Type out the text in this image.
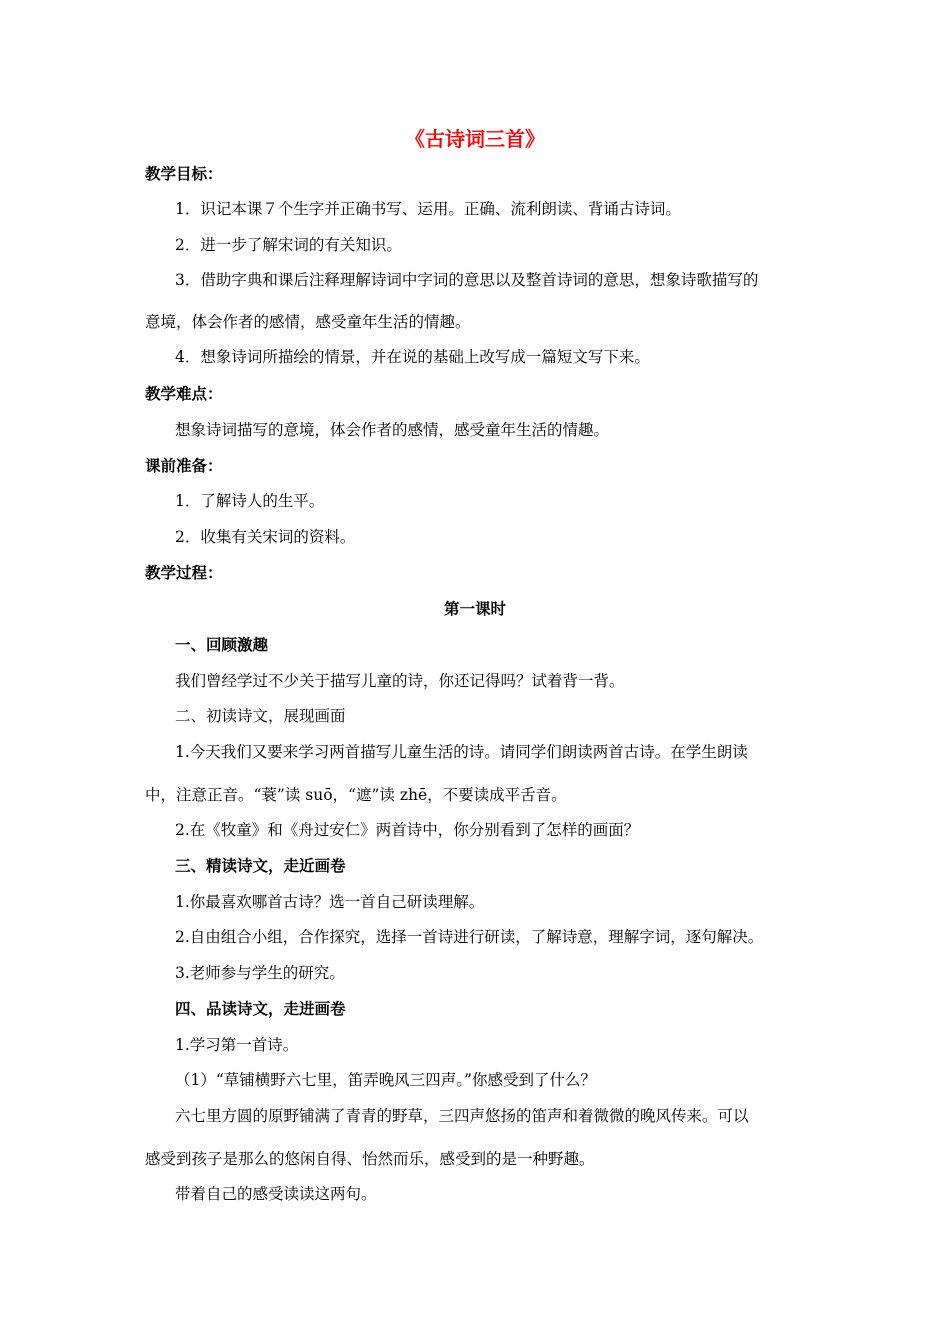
《古诗词三首》
教学目标：
1．识记本课７个生字并正确书写、运用。正确、流利朗读、背诵古诗词。
2．进一步了解宋词的有关知识。
3．借助字典和课后注释理解诗词中字词的意思以及整首诗词的意思，想象诗歌描写的
意境，体会作者的感情，感受童年生活的情趣。
4．想象诗词所描绘的情景，并在说的基础上改写成一篇短文写下来。
教学难点：
想象诗词描写的意境，体会作者的感情，感受童年生活的情趣。
课前准备：
1．了解诗人的生平。
2．收集有关宋词的资料。
教学过程：
第一课时
一、回顾激趣
我们曾经学过不少关于描写儿童的诗，你还记得吗？试着背一背。
二、初读诗文，展现画面
1.今天我们又要来学习两首描写儿童生活的诗。请同学们朗读两首古诗。在学生朗读
中，注意正音。“蓑”读 suō，“遮”读 zhē，不要读成平舌音。
2.在《牧童》和《舟过安仁》两首诗中，你分别看到了怎样的画面？
三、精读诗文，走近画卷
1.你最喜欢哪首古诗？选一首自己研读理解。
2.自由组合小组，合作探究，选择一首诗进行研读，了解诗意，理解字词，逐句解决。
3.老师参与学生的研究。
四、品读诗文，走进画卷
1.学习第一首诗。
（1）“草铺横野六七里，笛弄晚风三四声。”你感受到了什么？
六七里方圆的原野铺满了青青的野草，三四声悠扬的笛声和着微微的晚风传来。可以
感受到孩子是那么的悠闲自得、怡然而乐，感受到的是一种野趣。
带着自己的感受读读这两句。
